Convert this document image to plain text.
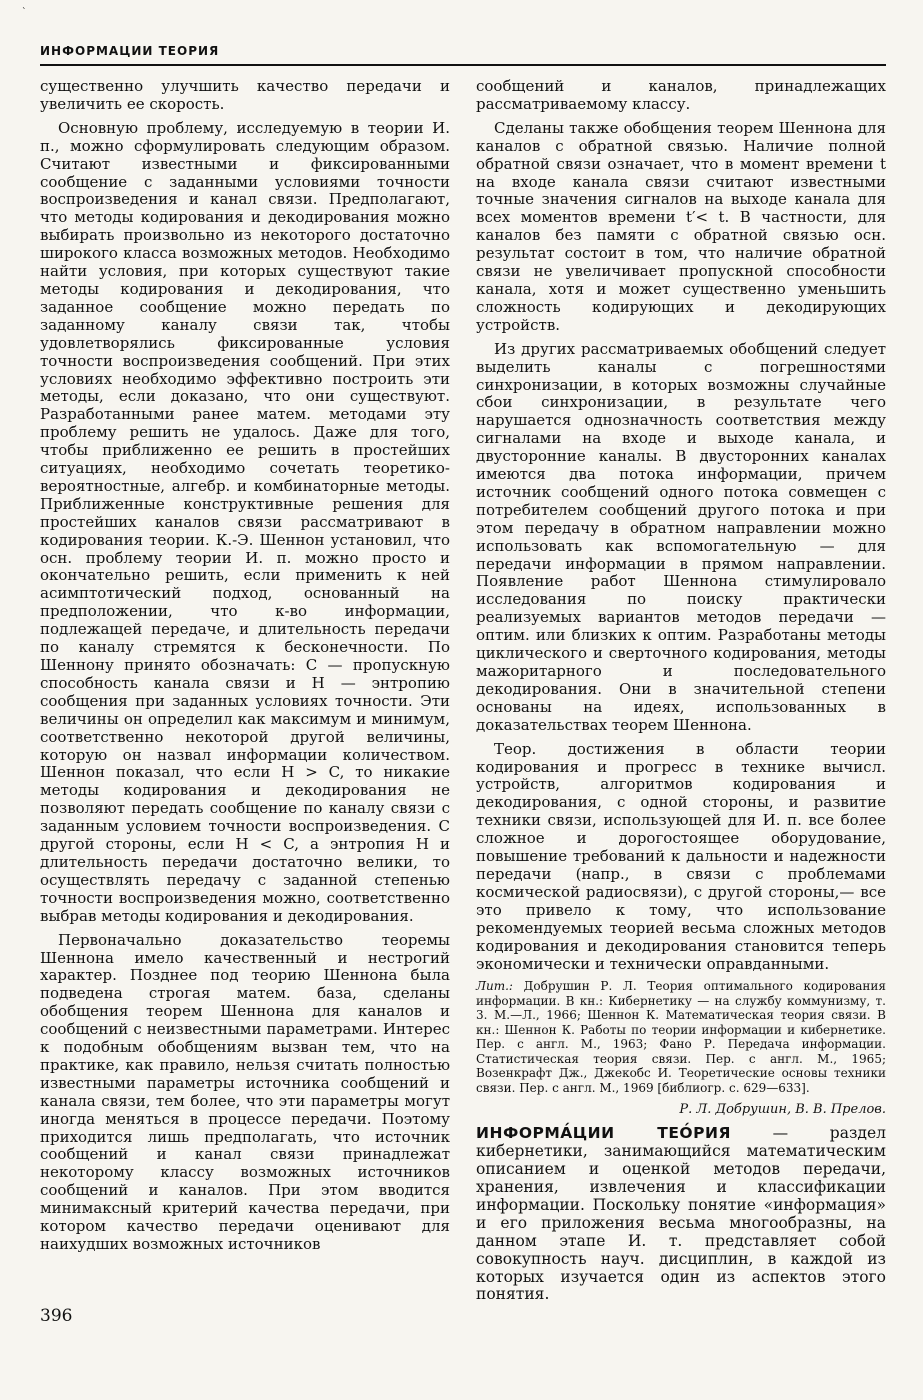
`
ИНФОРМАЦИИ ТЕОРИЯ

существенно улучшить качество передачи и увеличить ее скорость.

Основную проблему, исследуемую в теории И. п., можно сформулировать следующим образом. Считают известными и фиксированными сообщение с заданными условиями точности воспроизведения и канал связи. Предполагают, что методы кодирования и декодирования можно выбирать произвольно из некоторого достаточно широкого класса возможных методов. Необходимо найти условия, при которых существуют такие методы кодирования и декодирования, что заданное сообщение можно передать по заданному каналу связи так, чтобы удовлетворялись фиксированные условия точности воспроизведения сообщений. При этих условиях необходимо эффективно построить эти методы, если доказано, что они существуют. Разработанными ранее матем. методами эту проблему решить не удалось. Даже для того, чтобы приближенно ее решить в простейших ситуациях, необходимо сочетать теоретико-вероятностные, алгебр. и комбинаторные методы. Приближенные конструктивные решения для простейших каналов связи рассматривают в кодирования теории. К.-Э. Шеннон установил, что осн. проблему теории И. п. можно просто и окончательно решить, если применить к ней асимптотический подход, основанный на предположении, что к-во информации, подлежащей передаче, и длительность передачи по каналу стремятся к бесконечности. По Шеннону принято обозначать: C — пропускную способность канала связи и H — энтропию сообщения при заданных условиях точности. Эти величины он определил как максимум и минимум, соответственно некоторой другой величины, которую он назвал информации количеством. Шеннон показал, что если H > C, то никакие методы кодирования и декодирования не позволяют передать сообщение по каналу связи с заданным условием точности воспроизведения. С другой стороны, если H < C, а энтропия H и длительность передачи достаточно велики, то осуществлять передачу с заданной степенью точности воспроизведения можно, соответственно выбрав методы кодирования и декодирования.

Первоначально доказательство теоремы Шеннона имело качественный и нестрогий характер. Позднее под теорию Шеннона была подведена строгая матем. база, сделаны обобщения теорем Шеннона для каналов и сообщений с неизвестными параметрами. Интерес к подобным обобщениям вызван тем, что на практике, как правило, нельзя считать полностью известными параметры источника сообщений и канала связи, тем более, что эти параметры могут иногда меняться в процессе передачи. Поэтому приходится лишь предполагать, что источник сообщений и канал связи принадлежат некоторому классу возможных источников сообщений и каналов. При этом вводится минимаксный критерий качества передачи, при котором качество передачи оценивают для наихудших возможных источников

сообщений и каналов, принадлежащих рассматриваемому классу.

Сделаны также обобщения теорем Шеннона для каналов с обратной связью. Наличие полной обратной связи означает, что в момент времени t на входе канала связи считают известными точные значения сигналов на выходе канала для всех моментов времени t′< t. В частности, для каналов без памяти с обратной связью осн. результат состоит в том, что наличие обратной связи не увеличивает пропускной способности канала, хотя и может существенно уменьшить сложность кодирующих и декодирующих устройств.

Из других рассматриваемых обобщений следует выделить каналы с погрешностями синхронизации, в которых возможны случайные сбои синхронизации, в результате чего нарушается однозначность соответствия между сигналами на входе и выходе канала, и двусторонние каналы. В двусторонних каналах имеются два потока информации, причем источник сообщений одного потока совмещен с потребителем сообщений другого потока и при этом передачу в обратном направлении можно использовать как вспомогательную — для передачи информации в прямом направлении. Появление работ Шеннона стимулировало исследования по поиску практически реализуемых вариантов методов передачи — оптим. или близких к оптим. Разработаны методы циклического и сверточного кодирования, методы мажоритарного и последовательного декодирования. Они в значительной степени основаны на идеях, использованных в доказательствах теорем Шеннона.

Теор. достижения в области теории кодирования и прогресс в технике вычисл. устройств, алгоритмов кодирования и декодирования, с одной стороны, и развитие техники связи, использующей для И. п. все более сложное и дорогостоящее оборудование, повышение требований к дальности и надежности передачи (напр., в связи с проблемами космической радиосвязи), с другой стороны,— все это привело к тому, что использование рекомендуемых теорией весьма сложных методов кодирования и декодирования становится теперь экономически и технически оправданными.

Лит.: Добрушин Р. Л. Теория оптимального кодирования информации. В кн.: Кибернетику — на службу коммунизму, т. 3. М.—Л., 1966; Шеннон К. Математическая теория связи. В кн.: Шеннон К. Работы по теории информации и кибернетике. Пер. с англ. М., 1963; Фано Р. Передача информации. Статистическая теория связи. Пер. с англ. М., 1965; Возенкрафт Дж., Джекобс И. Теоретические основы техники связи. Пер. с англ. М., 1969 [библиогр. с. 629—633].

Р. Л. Добрушин, В. В. Прелов.

ИНФОРМА́ЦИИ ТЕО́РИЯ — раздел кибернетики, занимающийся математическим описанием и оценкой методов передачи, хранения, извлечения и классификации информации. Поскольку понятие «информация» и его приложения весьма многообразны, на данном этапе И. т. представляет собой совокупность науч. дисциплин, в каждой из которых изучается один из аспектов этого понятия.

396
